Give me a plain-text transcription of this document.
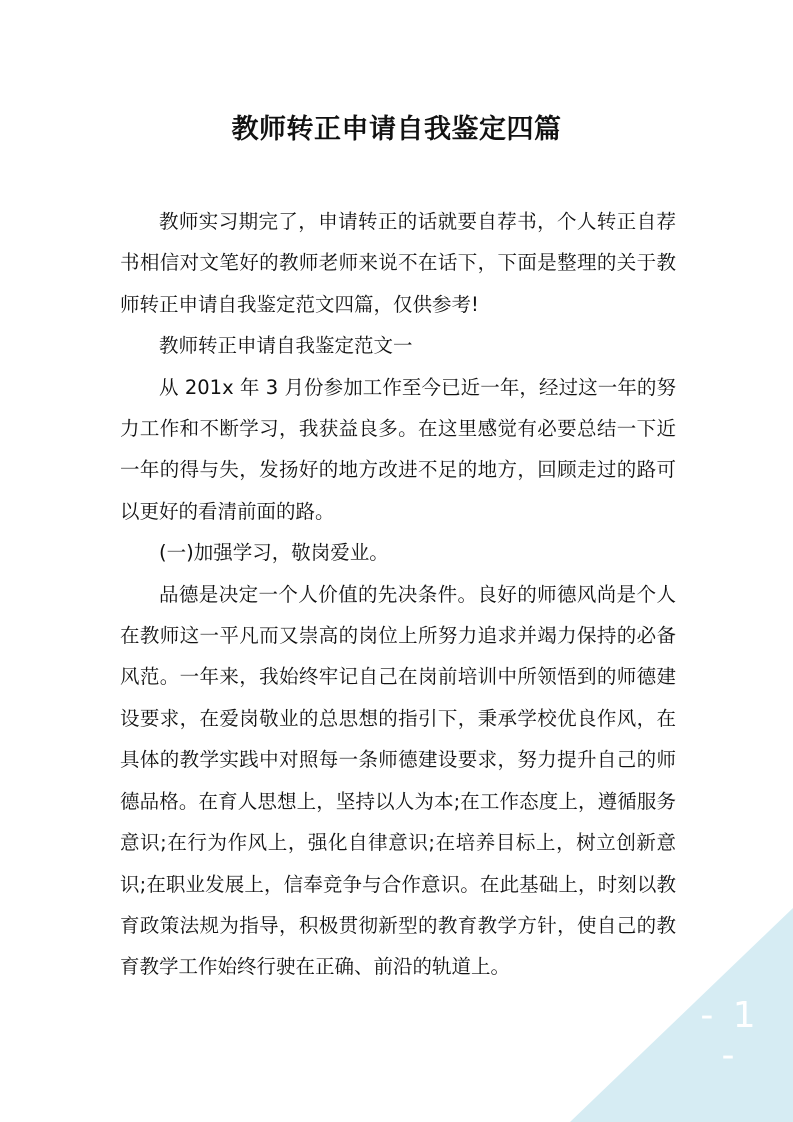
教师转正申请自我鉴定四篇

教师实习期完了，申请转正的话就要自荐书，个人转正自荐书相信对文笔好的教师老师来说不在话下，下面是整理的关于教师转正申请自我鉴定范文四篇，仅供参考!

教师转正申请自我鉴定范文一

从 201x 年 3 月份参加工作至今已近一年，经过这一年的努力工作和不断学习，我获益良多。在这里感觉有必要总结一下近一年的得与失，发扬好的地方改进不足的地方，回顾走过的路可以更好的看清前面的路。

(一)加强学习，敬岗爱业。

品德是决定一个人价值的先决条件。良好的师德风尚是个人在教师这一平凡而又崇高的岗位上所努力追求并竭力保持的必备风范。一年来，我始终牢记自己在岗前培训中所领悟到的师德建设要求，在爱岗敬业的总思想的指引下，秉承学校优良作风，在具体的教学实践中对照每一条师德建设要求，努力提升自己的师德品格。在育人思想上，坚持以人为本;在工作态度上，遵循服务意识;在行为作风上，强化自律意识;在培养目标上，树立创新意识;在职业发展上，信奉竞争与合作意识。在此基础上，时刻以教育政策法规为指导，积极贯彻新型的教育教学方针，使自己的教育教学工作始终行驶在正确、前沿的轨道上。

- 1 -
